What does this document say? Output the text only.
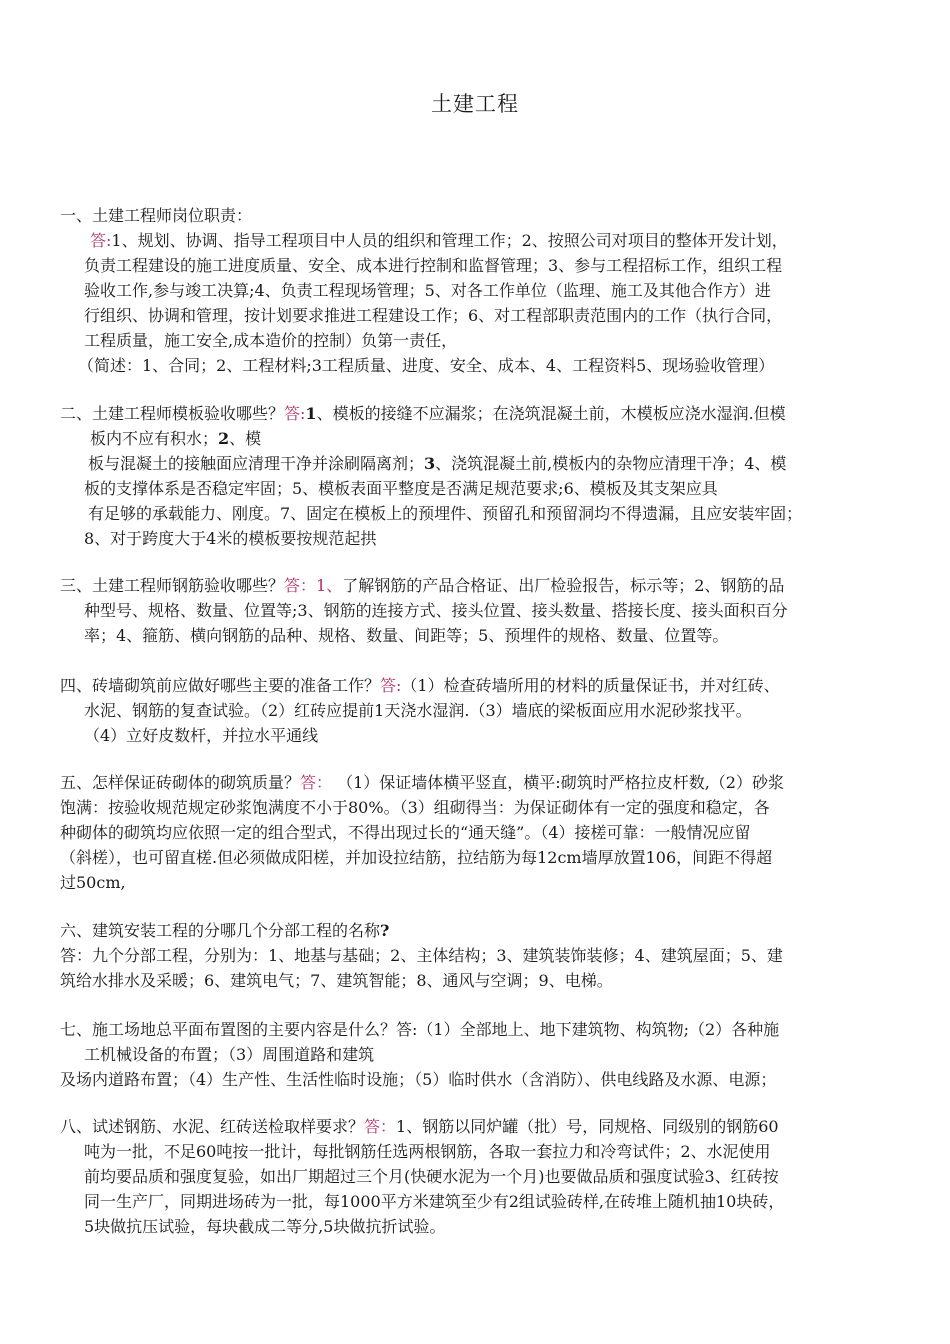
土建工程
一、土建工程师岗位职责：
答:1、规划、协调、指导工程项目中人员的组织和管理工作；2、按照公司对项目的整体开发计划，
负责工程建设的施工进度质量、安全、成本进行控制和监督管理；3、参与工程招标工作，组织工程
验收工作,参与竣工决算;4、负责工程现场管理；5、对各工作单位（监理、施工及其他合作方）进
行组织、协调和管理，按计划要求推进工程建设工作；6、对工程部职责范围内的工作（执行合同，
工程质量，施工安全,成本造价的控制）负第一责任，
（简述：1、合同；2、工程材料;3工程质量、进度、安全、成本、4、工程资料5、现场验收管理）
二、土建工程师模板验收哪些？答:1、模板的接缝不应漏浆；在浇筑混凝土前，木模板应浇水湿润.但模
板内不应有积水；2、模
板与混凝土的接触面应清理干净并涂刷隔离剂；3、浇筑混凝土前,模板内的杂物应清理干净；4、模
板的支撑体系是否稳定牢固；5、模板表面平整度是否满足规范要求;6、模板及其支架应具
有足够的承载能力、刚度。7、固定在模板上的预埋件、预留孔和预留洞均不得遗漏，且应安装牢固；
8、对于跨度大于4米的模板要按规范起拱
三、土建工程师钢筋验收哪些？答：1、了解钢筋的产品合格证、出厂检验报告，标示等；2、钢筋的品
种型号、规格、数量、位置等;3、钢筋的连接方式、接头位置、接头数量、搭接长度、接头面积百分
率；4、箍筋、横向钢筋的品种、规格、数量、间距等；5、预埋件的规格、数量、位置等。
四、砖墙砌筑前应做好哪些主要的准备工作？答:（1）检查砖墙所用的材料的质量保证书，并对红砖、
水泥、钢筋的复查试验。（2）红砖应提前1天浇水湿润.（3）墙底的梁板面应用水泥砂浆找平。
（4）立好皮数杆，并拉水平通线
五、怎样保证砖砌体的砌筑质量？答： （1）保证墙体横平竖直，横平:砌筑时严格拉皮杆数,（2）砂浆
饱满：按验收规范规定砂浆饱满度不小于80%。（3）组砌得当：为保证砌体有一定的强度和稳定，各
种砌体的砌筑均应依照一定的组合型式，不得出现过长的“通天缝”。（4）接槎可靠：一般情况应留
（斜槎），也可留直槎.但必须做成阳槎，并加设拉结筋，拉结筋为每12cm墙厚放置106，间距不得超
过50cm,
六、建筑安装工程的分哪几个分部工程的名称?
答：九个分部工程，分别为：1、地基与基础；2、主体结构；3、建筑装饰装修；4、建筑屋面；5、建
筑给水排水及采暖；6、建筑电气；7、建筑智能；8、通风与空调；9、电梯。
七、施工场地总平面布置图的主要内容是什么？答:（1）全部地上、地下建筑物、构筑物;（2）各种施
工机械设备的布置；（3）周围道路和建筑
及场内道路布置；（4）生产性、生活性临时设施；（5）临时供水（含消防）、供电线路及水源、电源；
八、试述钢筋、水泥、红砖送检取样要求？答：1、钢筋以同炉罐（批）号，同规格、同级别的钢筋60
吨为一批，不足60吨按一批计，每批钢筋任选两根钢筋，各取一套拉力和冷弯试件；2、水泥使用
前均要品质和强度复验，如出厂期超过三个月(快硬水泥为一个月)也要做品质和强度试验3、红砖按
同一生产厂，同期进场砖为一批，每1000平方米建筑至少有2组试验砖样,在砖堆上随机抽10块砖，
5块做抗压试验，每块截成二等分,5块做抗折试验。
